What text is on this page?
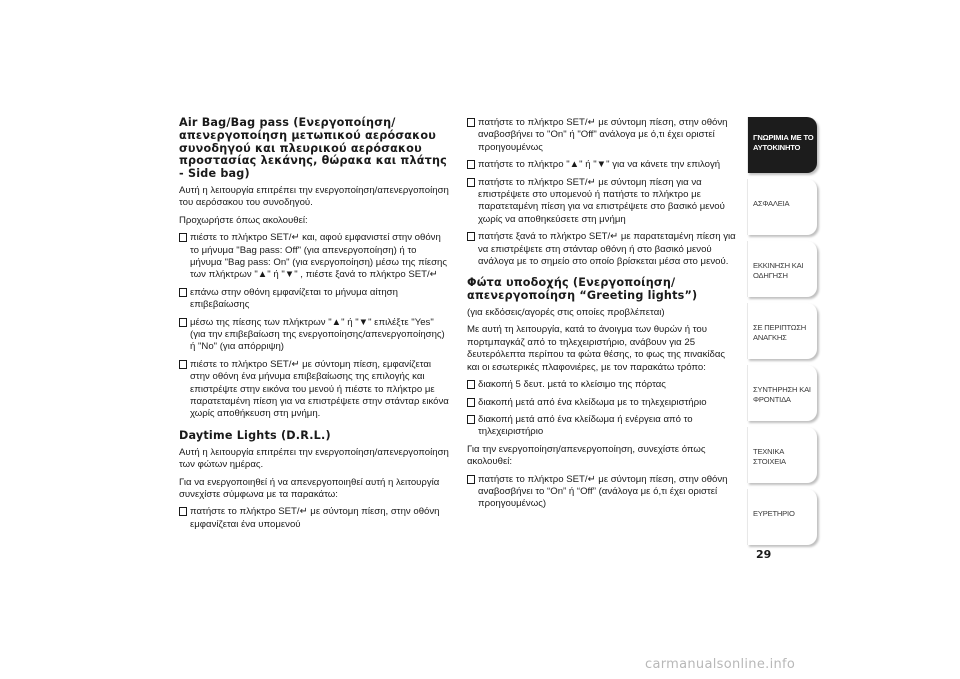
Air Bag/Bag pass (Ενεργοποίηση/ απενεργοποίηση μετωπικού αερόσακου συνοδηγού και πλευρικού αερόσακου προστασίας λεκάνης, θώρακα και πλάτης - Side bag)

Αυτή η λειτουργία επιτρέπει την ενεργοποίηση/απενεργοποίηση του αερόσακου του συνοδηγού.

Προχωρήστε όπως ακολουθεί:

πιέστε το πλήκτρο SET/↵ και, αφού εμφανιστεί στην οθόνη το μήνυμα "Bag pass: Off" (για απενεργοποίηση) ή το μήνυμα "Bag pass: On" (για ενεργοποίηση) μέσω της πίεσης των πλήκτρων "▲" ή "▼" , πιέστε ξανά το πλήκτρο SET/↵
επάνω στην οθόνη εμφανίζεται το μήνυμα αίτηση επιβεβαίωσης
μέσω της πίεσης των πλήκτρων "▲" ή "▼" επιλέξτε "Yes" (για την επιβεβαίωση της ενεργοποίησης/απενεργοποίησης) ή "No" (για απόρριψη)
πιέστε το πλήκτρο SET/↵ με σύντομη πίεση, εμφανίζεται στην οθόνη ένα μήνυμα επιβεβαίωσης της επιλογής και επιστρέψτε στην εικόνα του μενού ή πιέστε το πλήκτρο με παρατεταμένη πίεση για να επιστρέψετε στην στάνταρ εικόνα χωρίς αποθήκευση στη μνήμη.
Daytime Lights (D.R.L.)

Αυτή η λειτουργία επιτρέπει την ενεργοποίηση/απενεργοποίηση των φώτων ημέρας.

Για να ενεργοποιηθεί ή να απενεργοποιηθεί αυτή η λειτουργία συνεχίστε σύμφωνα με τα παρακάτω:

πατήστε το πλήκτρο SET/↵ με σύντομη πίεση, στην οθόνη εμφανίζεται ένα υπομενού
πατήστε το πλήκτρο SET/↵ με σύντομη πίεση, στην οθόνη αναβοσβήνει το "On" ή "Off" ανάλογα με ό,τι έχει οριστεί προηγουμένως
πατήστε το πλήκτρο "▲" ή "▼" για να κάνετε την επιλογή
πατήστε το πλήκτρο SET/↵ με σύντομη πίεση για να επιστρέψετε στο υπομενού ή πατήστε το πλήκτρο με παρατεταμένη πίεση για να επιστρέψετε στο βασικό μενού χωρίς να αποθηκεύσετε στη μνήμη
πατήστε ξανά το πλήκτρο SET/↵ με παρατεταμένη πίεση για να επιστρέψετε στη στάνταρ οθόνη ή στο βασικό μενού ανάλογα με το σημείο στο οποίο βρίσκεται μέσα στο μενού.
Φώτα υποδοχής (Ενεργοποίηση/ απενεργοποίηση “Greeting lights”)

(για εκδόσεις/αγορές στις οποίες προβλέπεται)

Με αυτή τη λειτουργία, κατά το άνοιγμα των θυρών ή του πορτμπαγκάζ από το τηλεχειριστήριο, ανάβουν για 25 δευτερόλεπτα περίπου τα φώτα θέσης, το φως της πινακίδας και οι εσωτερικές πλαφονιέρες, με τον παρακάτω τρόπο:

διακοπή 5 δευτ. μετά το κλείσιμο της πόρτας
διακοπή μετά από ένα κλείδωμα με το τηλεχειριστήριο
διακοπή μετά από ένα κλείδωμα ή ενέργεια από το τηλεχειριστήριο

Για την ενεργοποίηση/απενεργοποίηση, συνεχίστε όπως ακολουθεί:

πατήστε το πλήκτρο SET/↵ με σύντομη πίεση, στην οθόνη αναβοσβήνει το “On” ή “Off” (ανάλογα με ό,τι έχει οριστεί προηγουμένως)
ΓΝΩΡΙΜΙΑ ΜΕ ΤΟ ΑΥΤΟΚΙΝΗΤΟ
ΑΣΦΑΛΕΙΑ
ΕΚΚΙΝΗΣΗ ΚΑΙ ΟΔΗΓΗΣΗ
ΣΕ ΠΕΡΙΠΤΩΣΗ ΑΝΑΓΚΗΣ
ΣΥΝΤΗΡΗΣΗ ΚΑΙ ΦΡΟΝΤΙΔΑ
ΤΕΧΝΙΚΑ ΣΤΟΙΧΕΙΑ
ΕΥΡΕΤΗΡΙΟ
29
carmanualsonline.info
